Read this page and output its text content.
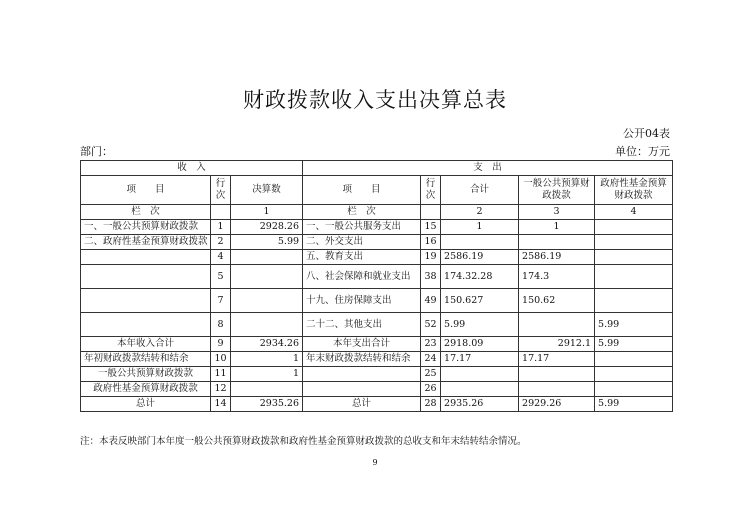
财政拨款收入支出决算总表
公开04表
部门：	单位：万元
收　入			支　出				
项　　目	行次	决算数	项　　目	行次	合计	一般公共预算财政拨款	政府性基金预算财政拨款
栏　次		1	栏　次		2	3	4
一、一般公共预算财政拨款	1	2928.26	一、一般公共服务支出	15	1	1	
二、政府性基金预算财政拨款	2	5.99	二、外交支出	16			
	4		五、教育支出	19	2586.19	2586.19	
	5		八、社会保障和就业支出	38	174.32.28	174.3	
	7		十九、住房保障支出	49	150.627	150.62	
	8		二十二、其他支出	52	5.99		5.99
本年收入合计	9	2934.26	本年支出合计	23	2918.09	2912.1	5.99
年初财政拨款结转和结余	10	1	年末财政拨款结转和结余	24	17.17	17.17	
一般公共预算财政拨款	11	1		25			
政府性基金预算财政拨款	12			26			
总计	14	2935.26	总计	28	2935.26	2929.26	5.99
注：本表反映部门本年度一般公共预算财政拨款和政府性基金预算财政拨款的总收支和年末结转结余情况。
9
